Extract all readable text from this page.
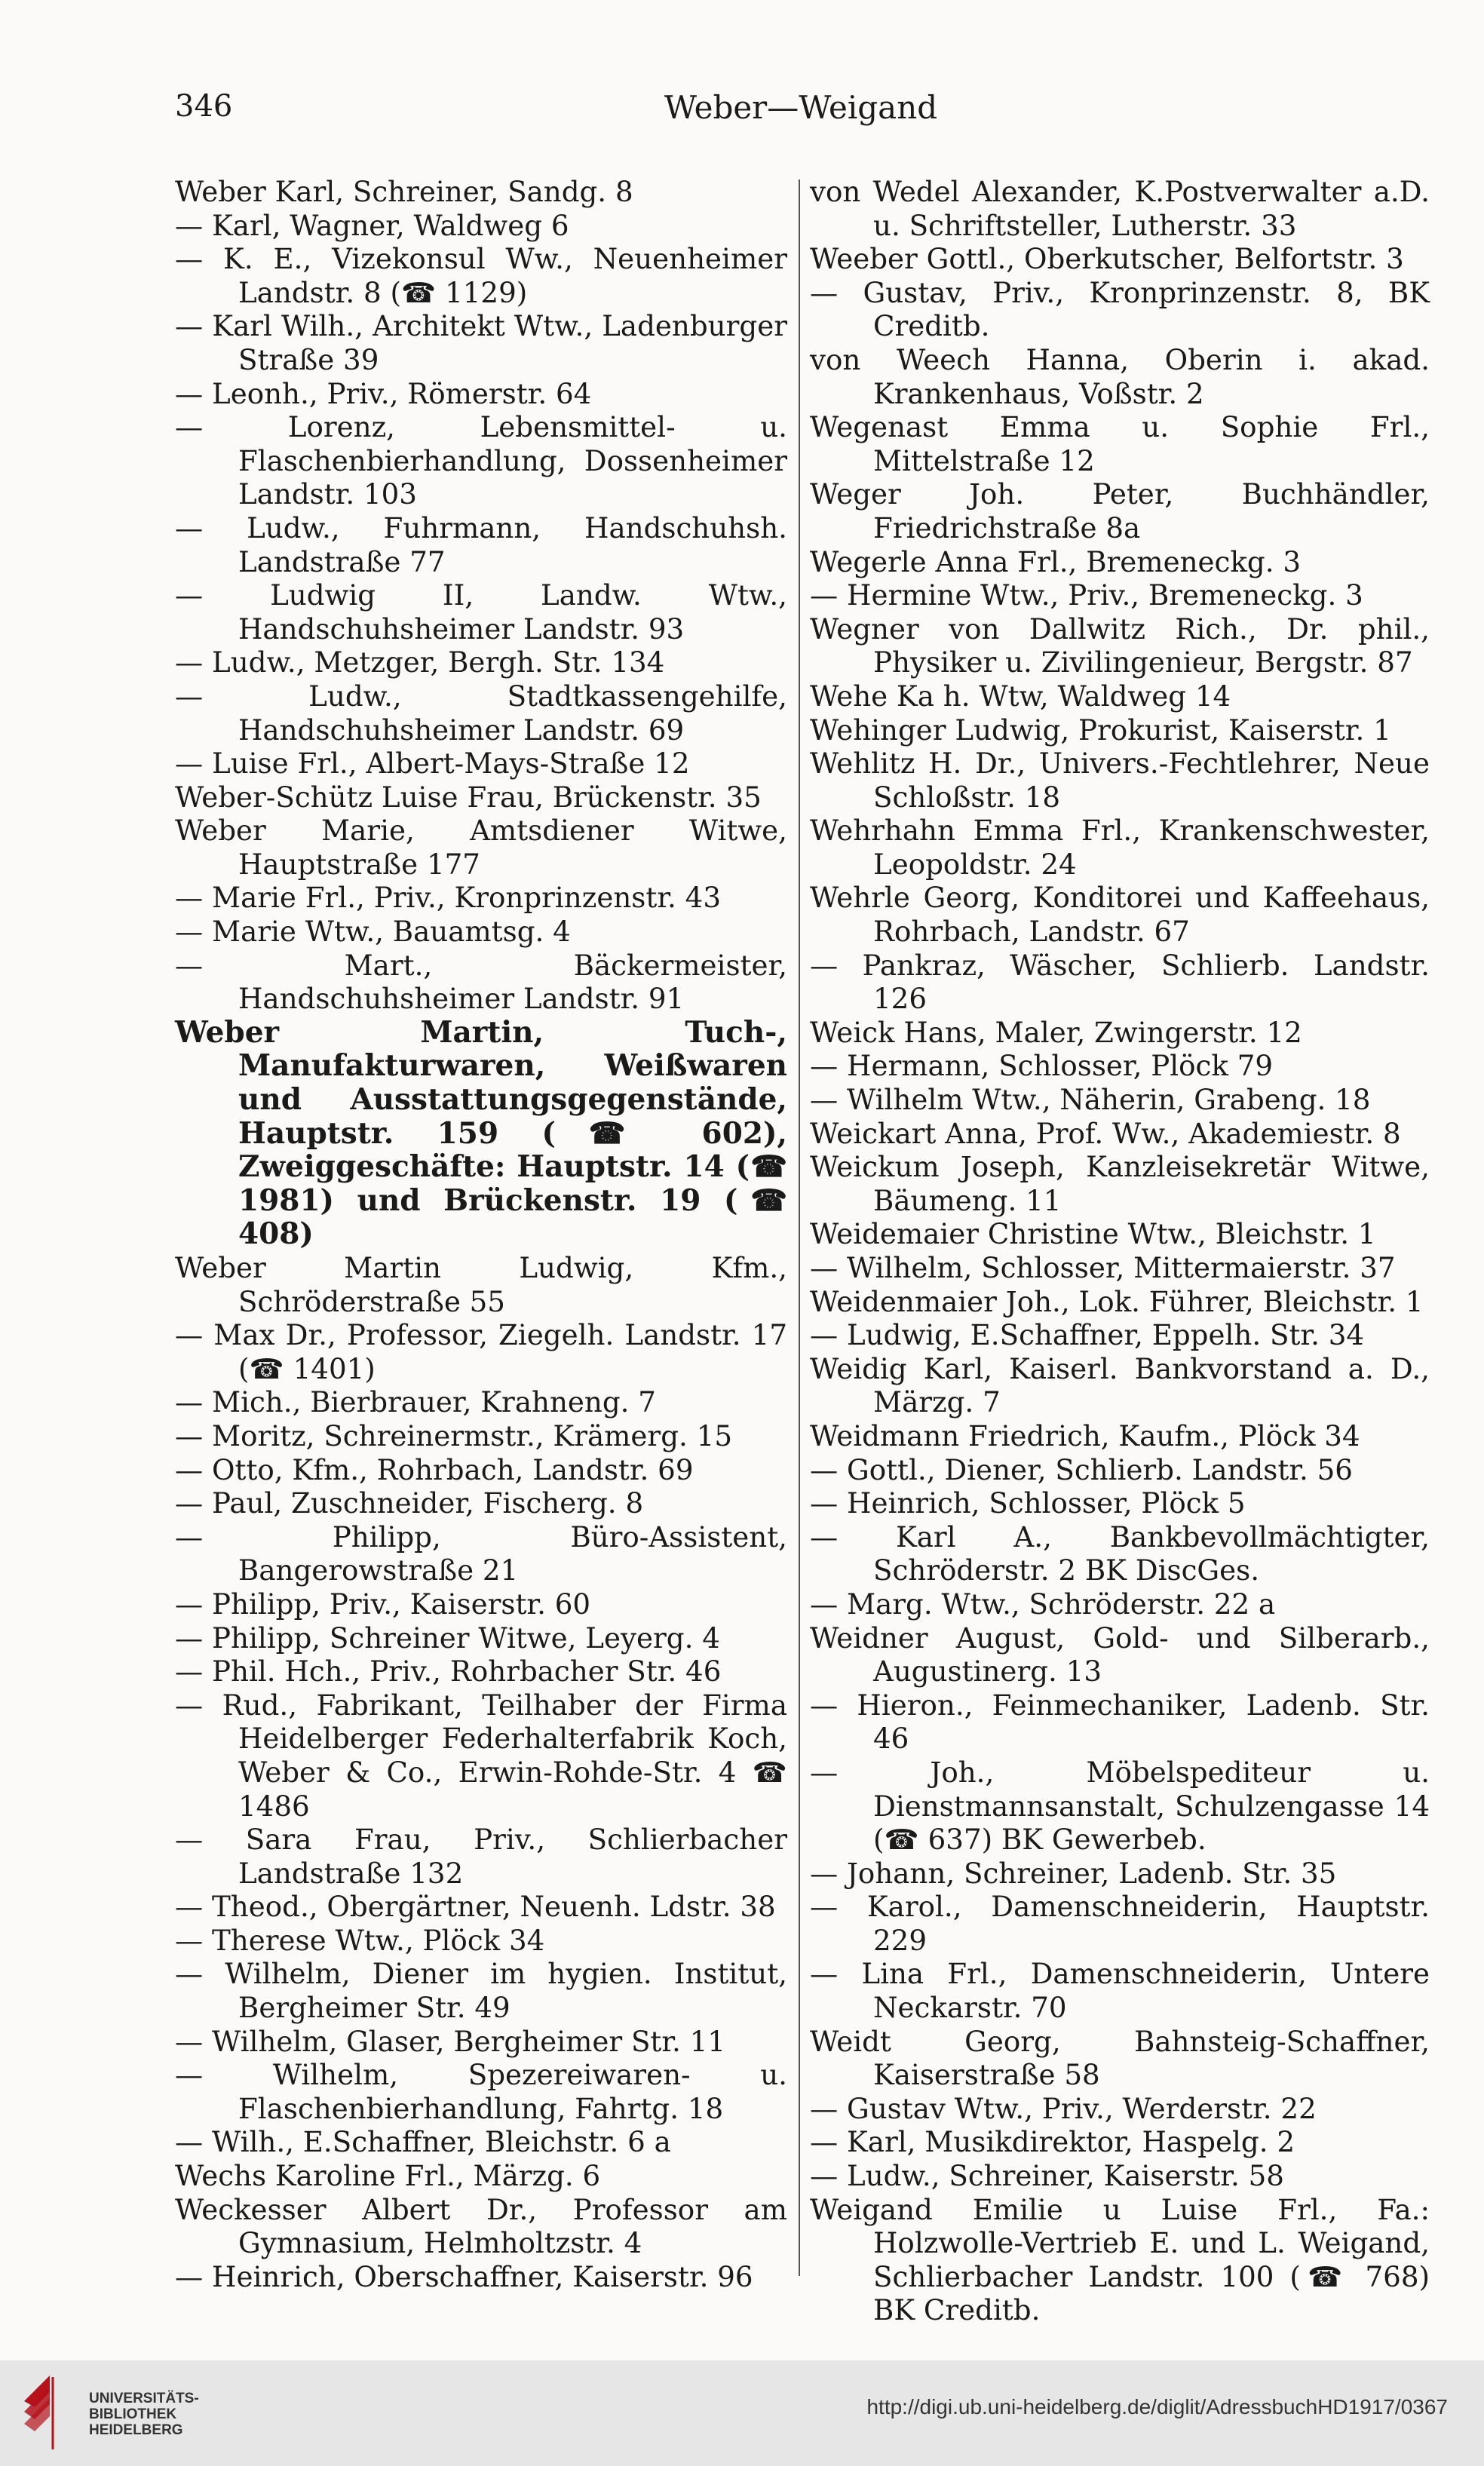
346	Weber—Weigand
Weber Karl, Schreiner, Sandg. 8
— Karl, Wagner, Waldweg 6
— K. E., Vizekonsul Ww., Neuenheimer Landstr. 8 (☎ 1129)
— Karl Wilh., Architekt Wtw., Ladenburger Straße 39
— Leonh., Priv., Römerstr. 64
— Lorenz, Lebensmittel- u. Flaschenbierhandlung, Dossenheimer Landstr. 103
— Ludw., Fuhrmann, Handschuhsh. Landstraße 77
— Ludwig II, Landw. Wtw., Handschuhsheimer Landstr. 93
— Ludw., Metzger, Bergh. Str. 134
— Ludw., Stadtkassengehilfe, Handschuhsheimer Landstr. 69
— Luise Frl., Albert-Mays-Straße 12
Weber-Schütz Luise Frau, Brückenstr. 35
Weber Marie, Amtsdiener Witwe, Hauptstraße 177
— Marie Frl., Priv., Kronprinzenstr. 43
— Marie Wtw., Bauamtsg. 4
— Mart., Bäckermeister, Handschuhsheimer Landstr. 91
Weber Martin, Tuch-, Manufakturwaren, Weißwaren und Ausstattungsgegenstände, Hauptstr. 159 (☎ 602), Zweiggeschäfte: Hauptstr. 14 (☎ 1981) und Brückenstr. 19 (☎ 408)
Weber Martin Ludwig, Kfm., Schröderstraße 55
— Max Dr., Professor, Ziegelh. Landstr. 17 (☎ 1401)
— Mich., Bierbrauer, Krahneng. 7
— Moritz, Schreinermstr., Krämerg. 15
— Otto, Kfm., Rohrbach, Landstr. 69
— Paul, Zuschneider, Fischerg. 8
— Philipp, Büro-Assistent, Bangerowstraße 21
— Philipp, Priv., Kaiserstr. 60
— Philipp, Schreiner Witwe, Leyerg. 4
— Phil. Hch., Priv., Rohrbacher Str. 46
— Rud., Fabrikant, Teilhaber der Firma Heidelberger Federhalterfabrik Koch, Weber & Co., Erwin-Rohde-Str. 4 ☎ 1486
— Sara Frau, Priv., Schlierbacher Landstraße 132
— Theod., Obergärtner, Neuenh. Ldstr. 38
— Therese Wtw., Plöck 34
— Wilhelm, Diener im hygien. Institut, Bergheimer Str. 49
— Wilhelm, Glaser, Bergheimer Str. 11
— Wilhelm, Spezereiwaren- u. Flaschenbierhandlung, Fahrtg. 18
— Wilh., E.Schaffner, Bleichstr. 6 a
Wechs Karoline Frl., Märzg. 6
Weckesser Albert Dr., Professor am Gymnasium, Helmholtzstr. 4
— Heinrich, Oberschaffner, Kaiserstr. 96
von Wedel Alexander, K.Postverwalter a.D. u. Schriftsteller, Lutherstr. 33
Weeber Gottl., Oberkutscher, Belfortstr. 3
— Gustav, Priv., Kronprinzenstr. 8, BK Creditb.
von Weech Hanna, Oberin i. akad. Krankenhaus, Voßstr. 2
Wegenast Emma u. Sophie Frl., Mittelstraße 12
Weger Joh. Peter, Buchhändler, Friedrichstraße 8a
Wegerle Anna Frl., Bremeneckg. 3
— Hermine Wtw., Priv., Bremeneckg. 3
Wegner von Dallwitz Rich., Dr. phil., Physiker u. Zivilingenieur, Bergstr. 87
Wehe Ka h. Wtw, Waldweg 14
Wehinger Ludwig, Prokurist, Kaiserstr. 1
Wehlitz H. Dr., Univers.-Fechtlehrer, Neue Schloßstr. 18
Wehrhahn Emma Frl., Krankenschwester, Leopoldstr. 24
Wehrle Georg, Konditorei und Kaffeehaus, Rohrbach, Landstr. 67
— Pankraz, Wäscher, Schlierb. Landstr. 126
Weick Hans, Maler, Zwingerstr. 12
— Hermann, Schlosser, Plöck 79
— Wilhelm Wtw., Näherin, Grabeng. 18
Weickart Anna, Prof. Ww., Akademiestr. 8
Weickum Joseph, Kanzleisekretär Witwe, Bäumeng. 11
Weidemaier Christine Wtw., Bleichstr. 1
— Wilhelm, Schlosser, Mittermaierstr. 37
Weidenmaier Joh., Lok. Führer, Bleichstr. 1
— Ludwig, E.Schaffner, Eppelh. Str. 34
Weidig Karl, Kaiserl. Bankvorstand a. D., Märzg. 7
Weidmann Friedrich, Kaufm., Plöck 34
— Gottl., Diener, Schlierb. Landstr. 56
— Heinrich, Schlosser, Plöck 5
— Karl A., Bankbevollmächtigter, Schröderstr. 2 BK DiscGes.
— Marg. Wtw., Schröderstr. 22 a
Weidner August, Gold- und Silberarb., Augustinerg. 13
— Hieron., Feinmechaniker, Ladenb. Str. 46
— Joh., Möbelspediteur u. Dienstmannsanstalt, Schulzengasse 14 (☎ 637) BK Gewerbeb.
— Johann, Schreiner, Ladenb. Str. 35
— Karol., Damenschneiderin, Hauptstr. 229
— Lina Frl., Damenschneiderin, Untere Neckarstr. 70
Weidt Georg, Bahnsteig-Schaffner, Kaiserstraße 58
— Gustav Wtw., Priv., Werderstr. 22
— Karl, Musikdirektor, Haspelg. 2
— Ludw., Schreiner, Kaiserstr. 58
Weigand Emilie u Luise Frl., Fa.: Holzwolle-Vertrieb E. und L. Weigand, Schlierbacher Landstr. 100 (☎ 768) BK Creditb.
UNIVERSITÄTS-
BIBLIOTHEK
HEIDELBERG
http://digi.ub.uni-heidelberg.de/diglit/AdressbuchHD1917/0367
